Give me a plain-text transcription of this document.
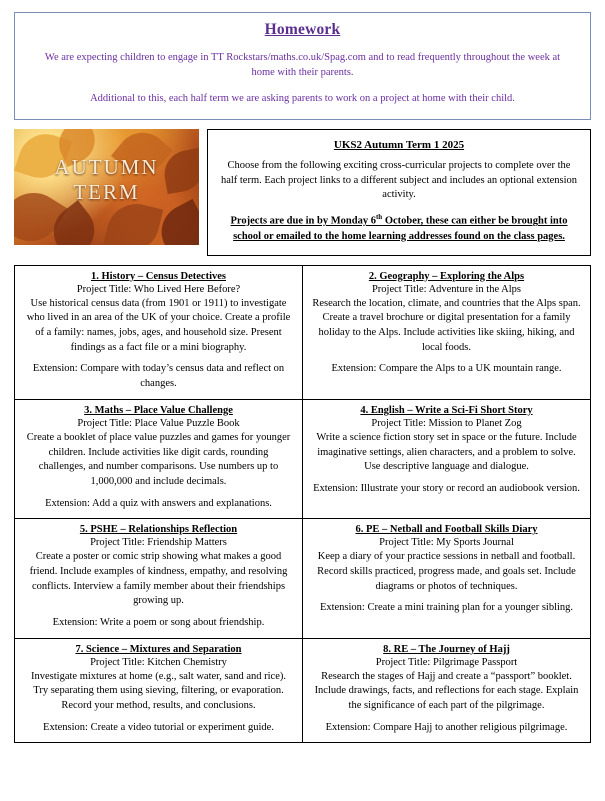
Homework
We are expecting children to engage in TT Rockstars/maths.co.uk/Spag.com and to read frequently throughout the week at home with their parents.
Additional to this, each half term we are asking parents to work on a project at home with their child.
AUTUMN
TERM
UKS2 Autumn Term 1 2025
Choose from the following exciting cross-curricular projects to complete over the half term. Each project links to a different subject and includes an optional extension activity.
Projects are due in by Monday 6th October, these can either be brought into school or emailed to the home learning addresses found on the class pages.
1. History – Census Detectives
Project Title: Who Lived Here Before?
Use historical census data (from 1901 or 1911) to investigate who lived in an area of the UK of your choice. Create a profile of a family: names, jobs, ages, and household size. Present findings as a fact file or a mini biography.
Extension: Compare with today’s census data and reflect on changes.
2. Geography – Exploring the Alps
Project Title: Adventure in the Alps
Research the location, climate, and countries that the Alps span. Create a travel brochure or digital presentation for a family holiday to the Alps. Include activities like skiing, hiking, and local foods.
Extension: Compare the Alps to a UK mountain range.
3. Maths – Place Value Challenge
Project Title: Place Value Puzzle Book
Create a booklet of place value puzzles and games for younger children. Include activities like digit cards, rounding challenges, and number comparisons. Use numbers up to 1,000,000 and include decimals.
Extension: Add a quiz with answers and explanations.
4. English – Write a Sci-Fi Short Story
Project Title: Mission to Planet Zog
Write a science fiction story set in space or the future. Include imaginative settings, alien characters, and a problem to solve. Use descriptive language and dialogue.
Extension: Illustrate your story or record an audiobook version.
5. PSHE – Relationships Reflection
Project Title: Friendship Matters
Create a poster or comic strip showing what makes a good friend. Include examples of kindness, empathy, and resolving conflicts. Interview a family member about their friendships growing up.
Extension: Write a poem or song about friendship.
6. PE – Netball and Football Skills Diary
Project Title: My Sports Journal
Keep a diary of your practice sessions in netball and football. Record skills practiced, progress made, and goals set. Include diagrams or photos of techniques.
Extension: Create a mini training plan for a younger sibling.
7. Science – Mixtures and Separation
Project Title: Kitchen Chemistry
Investigate mixtures at home (e.g., salt water, sand and rice). Try separating them using sieving, filtering, or evaporation. Record your method, results, and conclusions.
Extension: Create a video tutorial or experiment guide.
8. RE – The Journey of Hajj
Project Title: Pilgrimage Passport
Research the stages of Hajj and create a “passport” booklet. Include drawings, facts, and reflections for each stage. Explain the significance of each part of the pilgrimage.
Extension: Compare Hajj to another religious pilgrimage.
